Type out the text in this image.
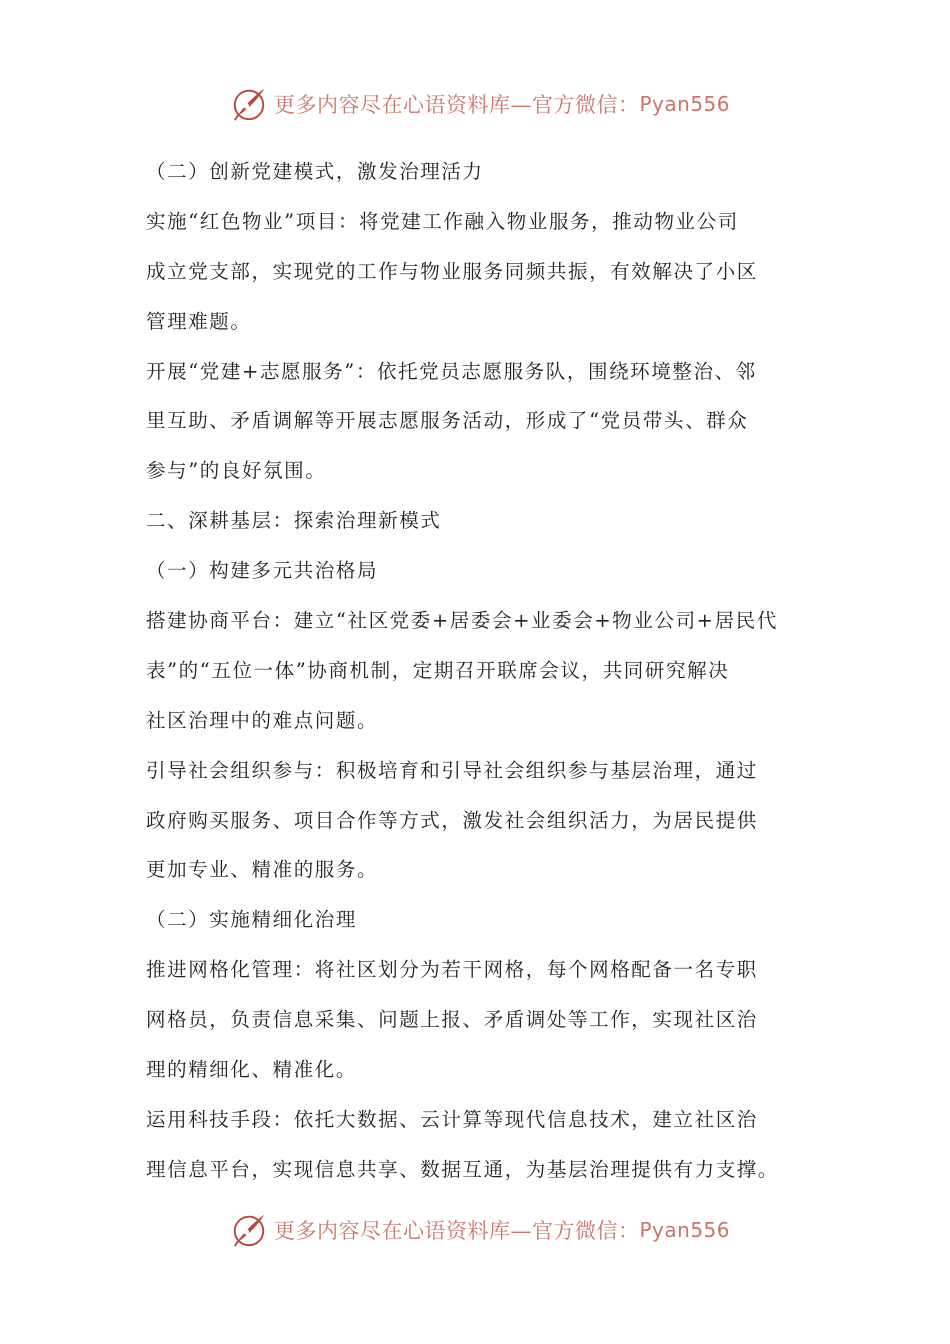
更多内容尽在心语资料库—官方微信： Pyan556
（二）创新党建模式，激发治理活力
实施“红色物业”项目：将党建工作融入物业服务，推动物业公司
成立党支部，实现党的工作与物业服务同频共振，有效解决了小区
管理难题。
开展“党建+志愿服务”：依托党员志愿服务队，围绕环境整治、邻
里互助、矛盾调解等开展志愿服务活动，形成了“党员带头、群众
参与”的良好氛围。
二、深耕基层：探索治理新模式
（一）构建多元共治格局
搭建协商平台：建立“社区党委+居委会+业委会+物业公司+居民代
表”的“五位一体”协商机制，定期召开联席会议，共同研究解决
社区治理中的难点问题。
引导社会组织参与：积极培育和引导社会组织参与基层治理，通过
政府购买服务、项目合作等方式，激发社会组织活力，为居民提供
更加专业、精准的服务。
（二）实施精细化治理
推进网格化管理：将社区划分为若干网格，每个网格配备一名专职
网格员，负责信息采集、问题上报、矛盾调处等工作，实现社区治
理的精细化、精准化。
运用科技手段：依托大数据、云计算等现代信息技术，建立社区治
理信息平台，实现信息共享、数据互通，为基层治理提供有力支撑。
更多内容尽在心语资料库—官方微信： Pyan556
